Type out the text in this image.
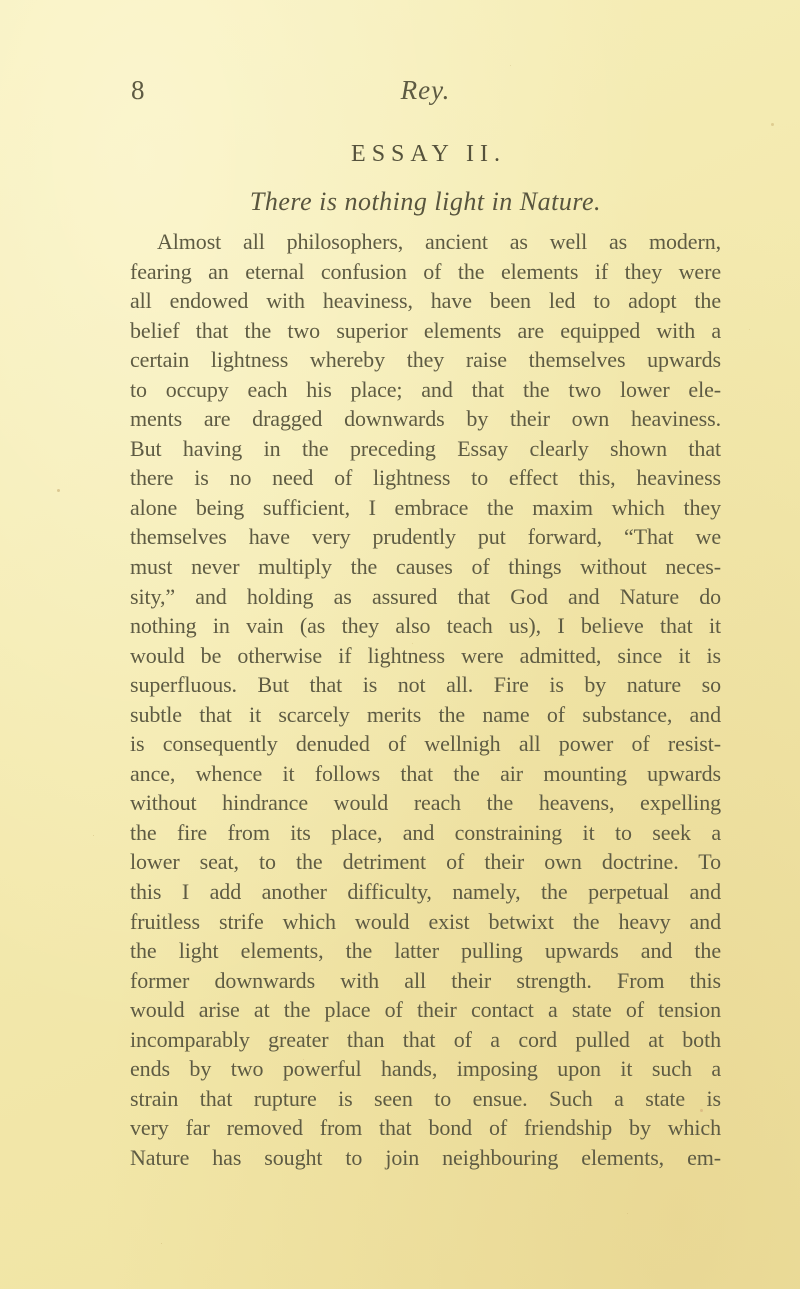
8	Rey.
ESSAY II.
There is nothing light in Nature.
Almost all philosophers, ancient as well as modern,
fearing an eternal confusion of the elements if they were
all endowed with heaviness, have been led to adopt the
belief that the two superior elements are equipped with a
certain lightness whereby they raise themselves upwards
to occupy each his place; and that the two lower ele-
ments are dragged downwards by their own heaviness.
But having in the preceding Essay clearly shown that
there is no need of lightness to effect this, heaviness
alone being sufficient, I embrace the maxim which they
themselves have very prudently put forward, “That we
must never multiply the causes of things without neces-
sity,” and holding as assured that God and Nature do
nothing in vain (as they also teach us), I believe that it
would be otherwise if lightness were admitted, since it is
superfluous. But that is not all. Fire is by nature so
subtle that it scarcely merits the name of substance, and
is consequently denuded of wellnigh all power of resist-
ance, whence it follows that the air mounting upwards
without hindrance would reach the heavens, expelling
the fire from its place, and constraining it to seek a
lower seat, to the detriment of their own doctrine. To
this I add another difficulty, namely, the perpetual and
fruitless strife which would exist betwixt the heavy and
the light elements, the latter pulling upwards and the
former downwards with all their strength. From this
would arise at the place of their contact a state of tension
incomparably greater than that of a cord pulled at both
ends by two powerful hands, imposing upon it such a
strain that rupture is seen to ensue. Such a state is
very far removed from that bond of friendship by which
Nature has sought to join neighbouring elements, em-
